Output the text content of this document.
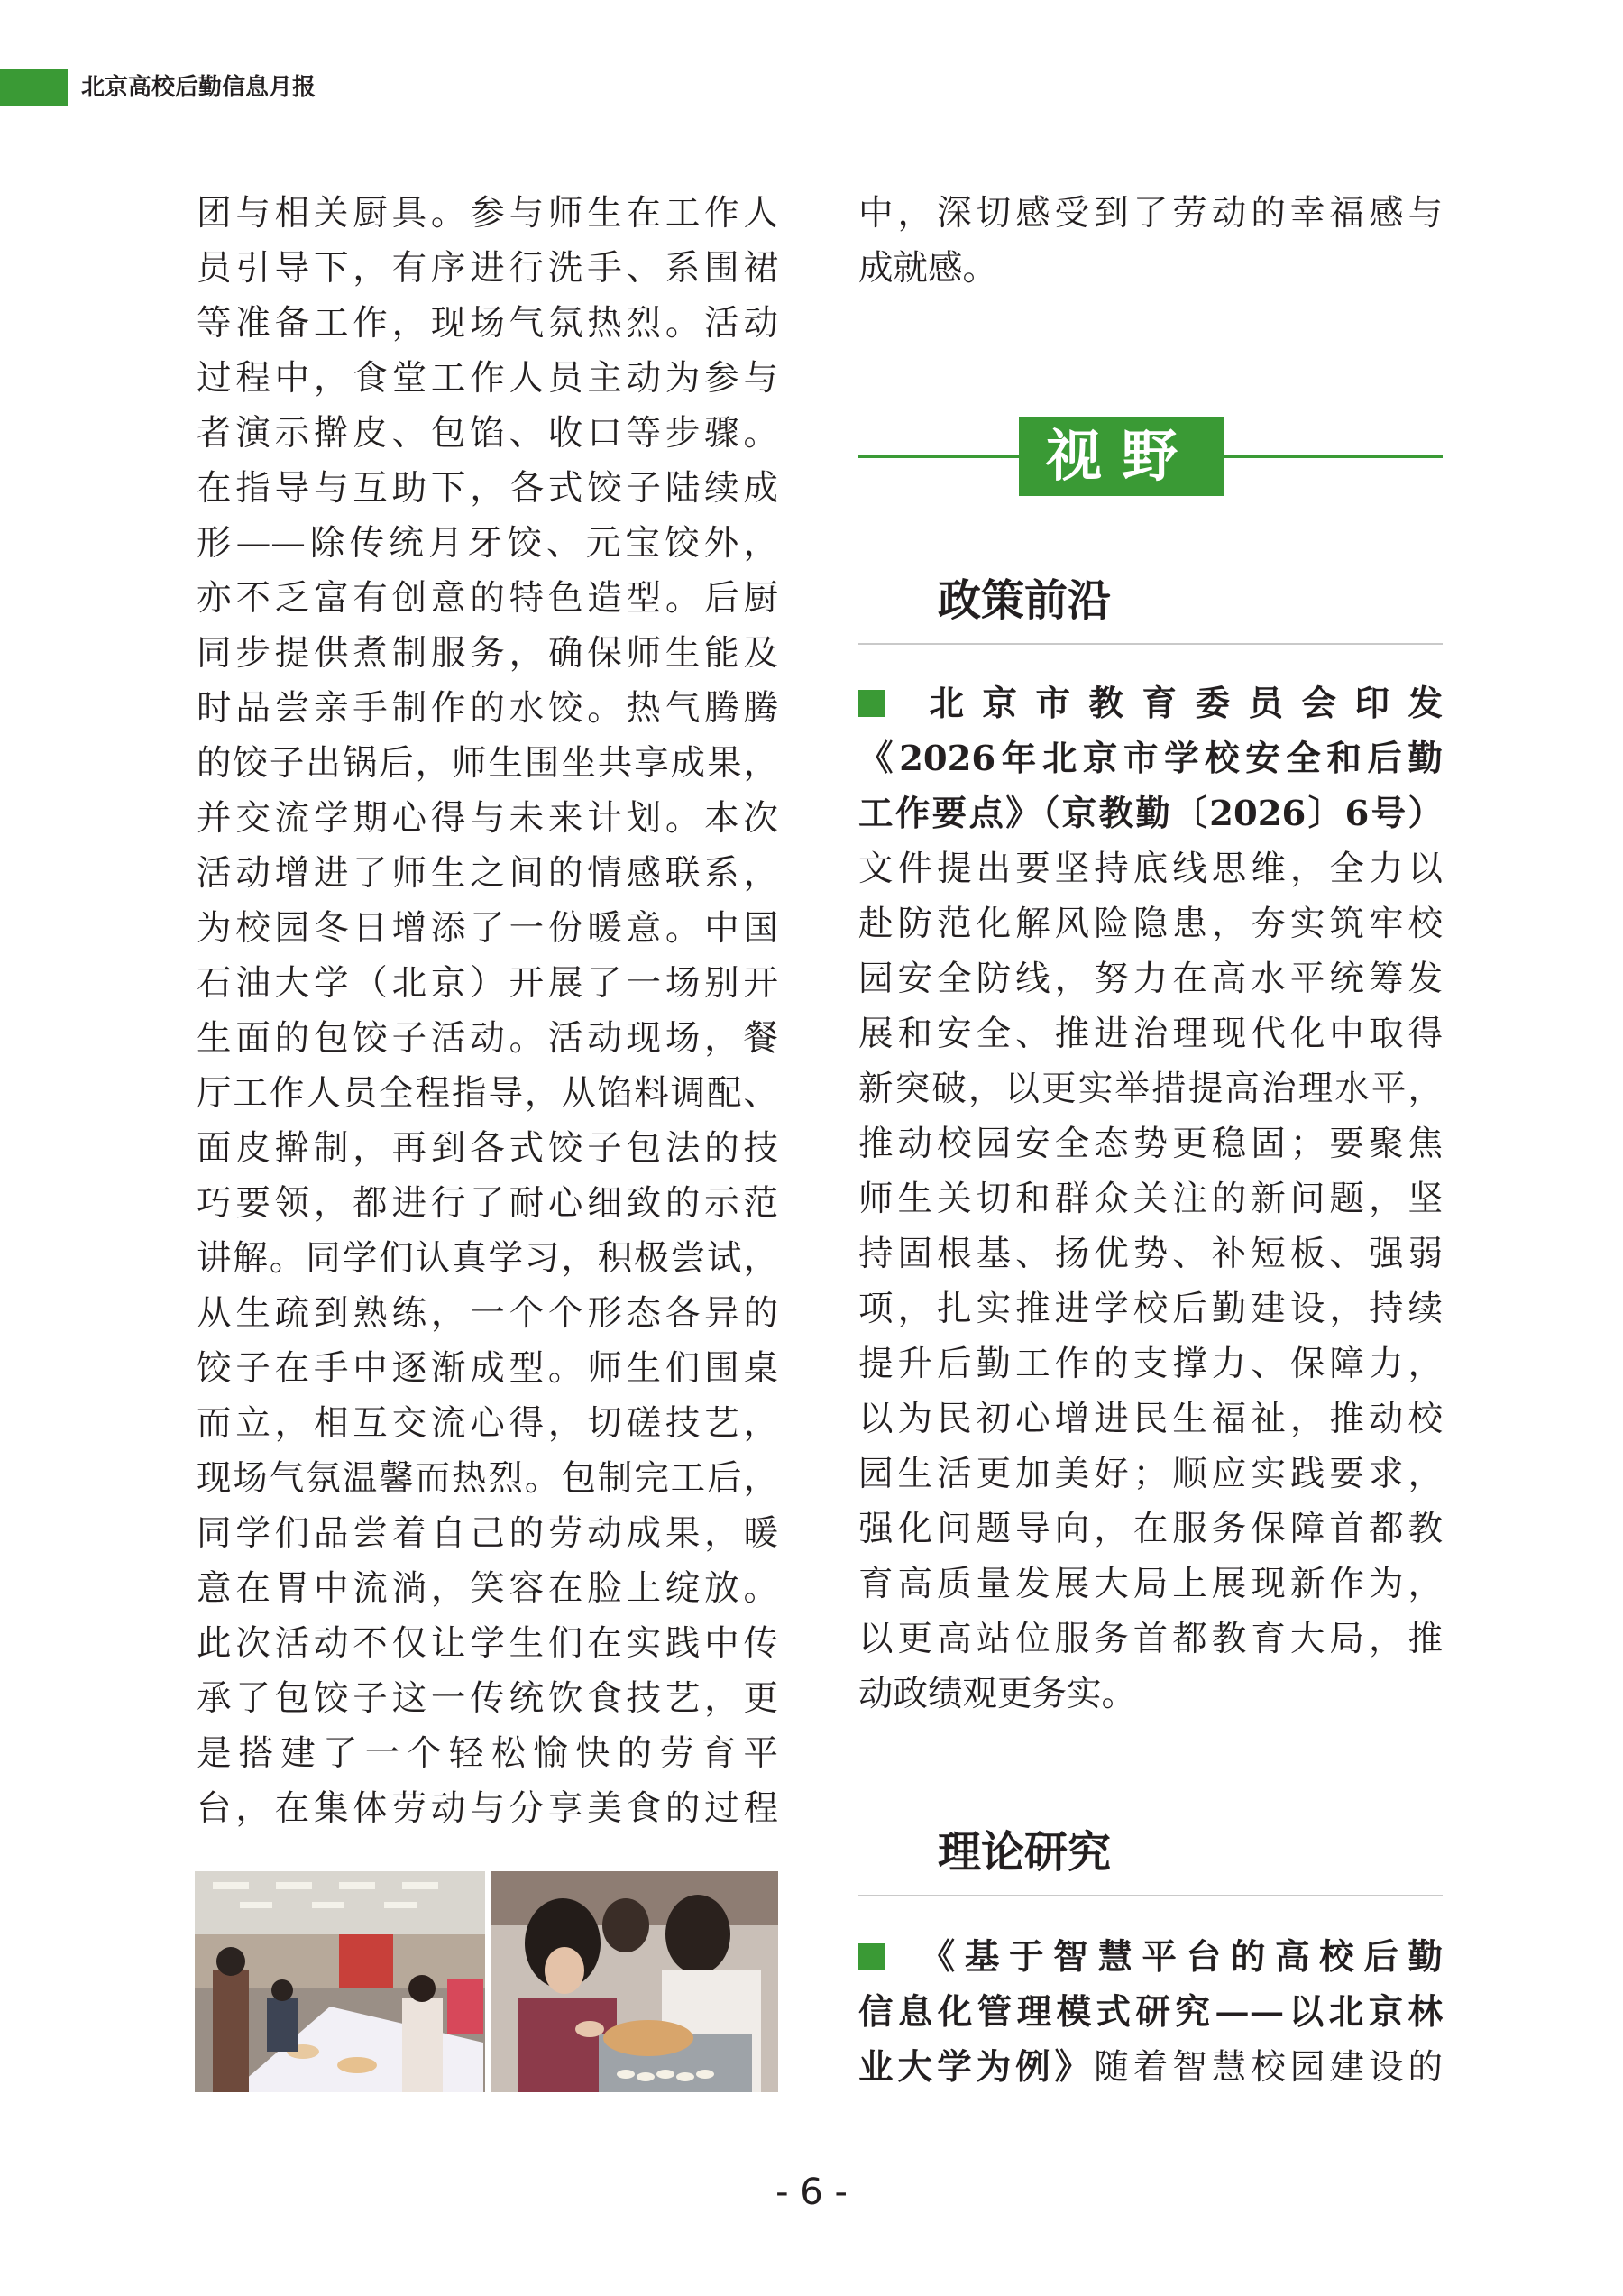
北京高校后勤信息月报
团与相关厨具。参与师生在工作人
员引导下，有序进行洗手、系围裙
等准备工作，现场气氛热烈。活动
过程中，食堂工作人员主动为参与
者演示擀皮、包馅、收口等步骤。
在指导与互助下，各式饺子陆续成
形——除传统月牙饺、元宝饺外，
亦不乏富有创意的特色造型。后厨
同步提供煮制服务，确保师生能及
时品尝亲手制作的水饺。热气腾腾
的饺子出锅后，师生围坐共享成果，
并交流学期心得与未来计划。本次
活动增进了师生之间的情感联系，
为校园冬日增添了一份暖意。中国
石油大学（北京）开展了一场别开
生面的包饺子活动。活动现场，餐
厅工作人员全程指导，从馅料调配、
面皮擀制，再到各式饺子包法的技
巧要领，都进行了耐心细致的示范
讲解。同学们认真学习，积极尝试，
从生疏到熟练，一个个形态各异的
饺子在手中逐渐成型。师生们围桌
而立，相互交流心得，切磋技艺，
现场气氛温馨而热烈。包制完工后，
同学们品尝着自己的劳动成果，暖
意在胃中流淌，笑容在脸上绽放。
此次活动不仅让学生们在实践中传
承了包饺子这一传统饮食技艺，更
是搭建了一个轻松愉快的劳育平
台，在集体劳动与分享美食的过程
中，深切感受到了劳动的幸福感与
成就感。
视野
政策前沿
北京市教育委员会印发
《2026年北京市学校安全和后勤
工作要点》（京教勤〔2026〕6号）
文件提出要坚持底线思维，全力以
赴防范化解风险隐患，夯实筑牢校
园安全防线，努力在高水平统筹发
展和安全、推进治理现代化中取得
新突破，以更实举措提高治理水平，
推动校园安全态势更稳固；要聚焦
师生关切和群众关注的新问题，坚
持固根基、扬优势、补短板、强弱
项，扎实推进学校后勤建设，持续
提升后勤工作的支撑力、保障力，
以为民初心增进民生福祉，推动校
园生活更加美好；顺应实践要求，
强化问题导向，在服务保障首都教
育高质量发展大局上展现新作为，
以更高站位服务首都教育大局，推
动政绩观更务实。
理论研究
《基于智慧平台的高校后勤
信息化管理模式研究——以北京林
业大学为例》随着智慧校园建设的
- 6 -
